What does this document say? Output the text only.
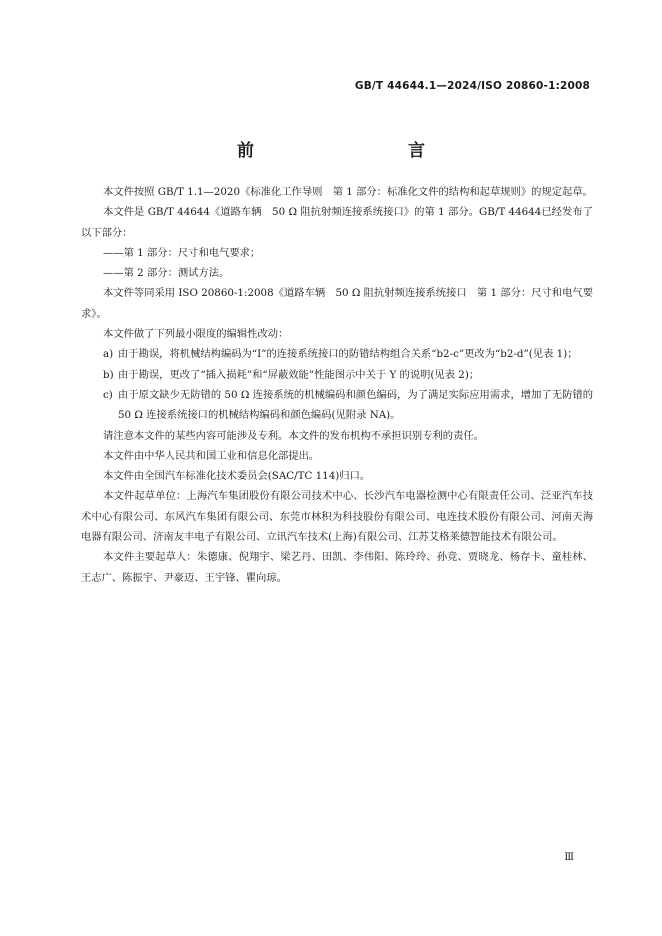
GB/T 44644.1—2024/ISO 20860-1:2008
前　　言

本文件按照 GB/T 1.1—2020《标准化工作导则　第 1 部分：标准化文件的结构和起草规则》的规定起草。

本文件是 GB/T 44644《道路车辆　50 Ω 阻抗射频连接系统接口》的第 1 部分。GB/T 44644已经发布了以下部分：

——第 1 部分：尺寸和电气要求；

——第 2 部分：测试方法。

本文件等同采用 ISO 20860-1:2008《道路车辆　50 Ω 阻抗射频连接系统接口　第 1 部分：尺寸和电气要求》。

本文件做了下列最小限度的编辑性改动：

a) 由于勘误，将机械结构编码为“I”的连接系统接口的防错结构组合关系“b2-c”更改为“b2-d”(见表 1)；
b) 由于勘误，更改了“插入损耗”和“屏蔽效能”性能图示中关于 Y 的说明(见表 2)；
c) 由于原文缺少无防错的 50 Ω 连接系统的机械编码和颜色编码，为了满足实际应用需求，增加了无防错的 50 Ω 连接系统接口的机械结构编码和颜色编码(见附录 NA)。

请注意本文件的某些内容可能涉及专利。本文件的发布机构不承担识别专利的责任。

本文件由中华人民共和国工业和信息化部提出。

本文件由全国汽车标准化技术委员会(SAC/TC 114)归口。

本文件起草单位：上海汽车集团股份有限公司技术中心、长沙汽车电器检测中心有限责任公司、泛亚汽车技术中心有限公司、东风汽车集团有限公司、东莞市林积为科技股份有限公司、电连技术股份有限公司、河南天海电器有限公司、济南友丰电子有限公司、立讯汽车技术(上海)有限公司、江苏艾格莱德智能技术有限公司。

本文件主要起草人：朱德康、倪翔宇、梁艺丹、田凯、李伟阳、陈玲玲、孙竞、贾晓龙、杨存卡、童桂林、王志广、陈振宇、尹豪迈、王宇锋、瞿向琼。

Ⅲ
